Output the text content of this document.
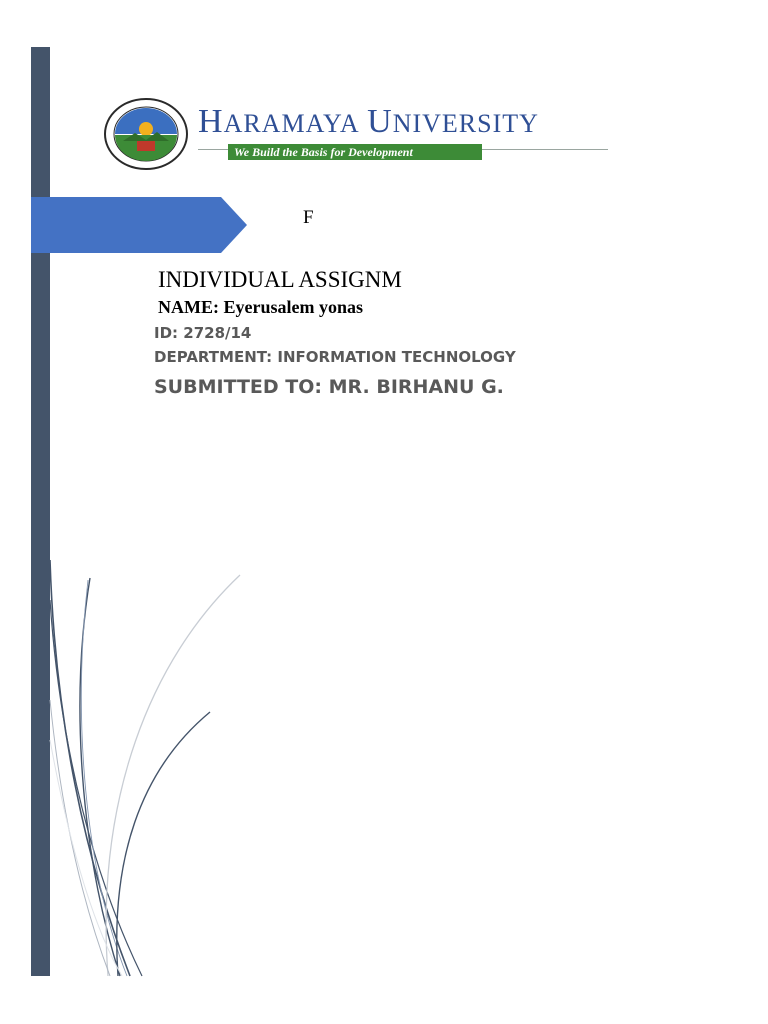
HARAMAYA UNIVERSITY
We Build the Basis for Development
F
INDIVIDUAL ASSIGNM
NAME: Eyerusalem yonas
ID: 2728/14
DEPARTMENT: INFORMATION TECHNOLOGY
SUBMITTED TO: MR. BIRHANU G.
